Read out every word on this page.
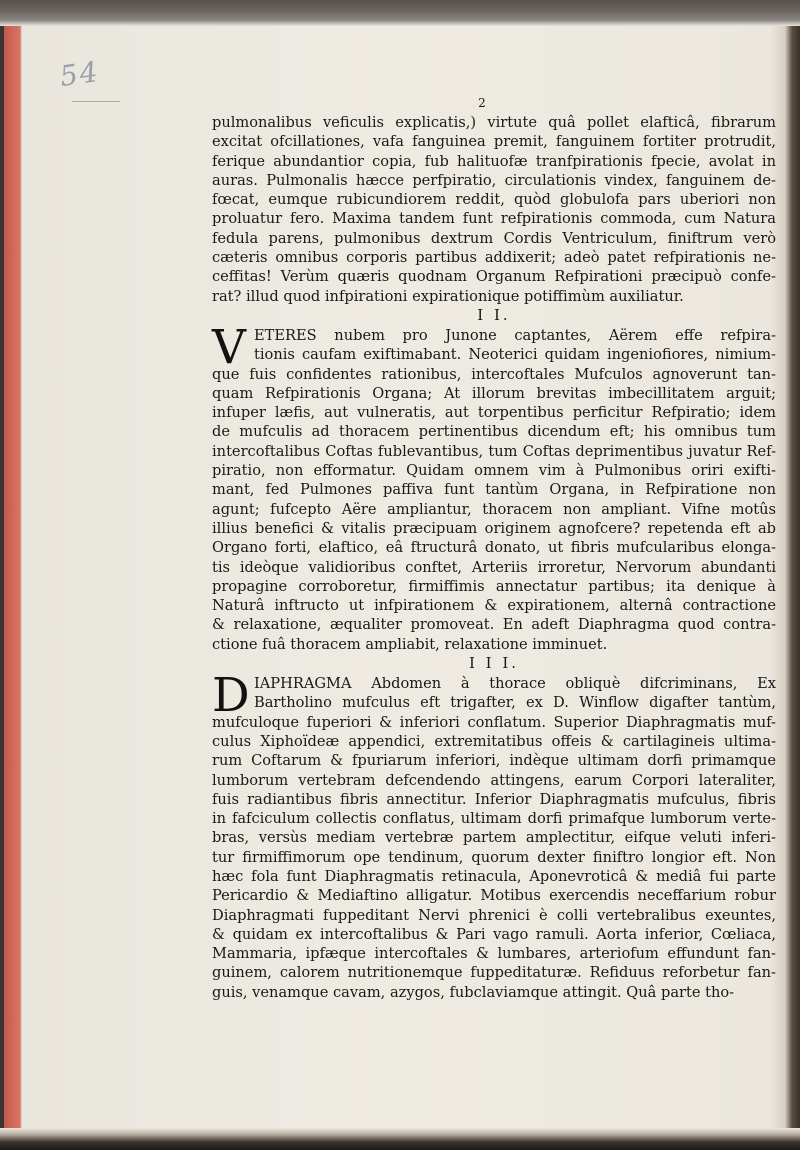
54
2
pulmonalibus veficulis explicatis,) virtute quâ pollet elafticâ, fibrarum
excitat ofcillationes, vafa fanguinea premit, fanguinem fortiter protrudit,
ferique abundantior copia, fub halituofæ tranfpirationis fpecie, avolat in
auras. Pulmonalis hæcce perfpiratio, circulationis vindex, fanguinem de-
fœcat, eumque rubicundiorem reddit, quòd globulofa pars uberiori non
proluatur fero. Maxima tandem funt refpirationis commoda, cum Natura
fedula parens, pulmonibus dextrum Cordis Ventriculum, finiftrum verò
cæteris omnibus corporis partibus addixerit; adeò patet refpirationis ne-
ceffitas! Verùm quæris quodnam Organum Refpirationi præcipuò confe-
rat? illud quod infpirationi expirationique potiffimùm auxiliatur.
I I.
V ETERES nubem pro Junone captantes, Aërem effe refpira-
tionis caufam exiftimabant. Neoterici quidam ingeniofiores, nimium-
que fuis confidentes rationibus, intercoftales Mufculos agnoverunt tan-
quam Refpirationis Organa; At illorum brevitas imbecillitatem arguit;
infuper læfis, aut vulneratis, aut torpentibus perficitur Refpiratio; idem
de mufculis ad thoracem pertinentibus dicendum eft; his omnibus tum
intercoftalibus Coftas fublevantibus, tum Coftas deprimentibus juvatur Ref-
piratio, non efformatur. Quidam omnem vim à Pulmonibus oriri exifti-
mant, fed Pulmones paffiva funt tantùm Organa, in Refpiratione non
agunt; fufcepto Aëre ampliantur, thoracem non ampliant. Vifne motûs
illius benefici & vitalis præcipuam originem agnofcere? repetenda eft ab
Organo forti, elaftico, eâ ftructurâ donato, ut fibris mufcularibus elonga-
tis ideòque validioribus conftet, Arteriis irroretur, Nervorum abundanti
propagine corroboretur, firmiffimis annectatur partibus; ita denique à
Naturâ inftructo ut infpirationem & expirationem, alternâ contractione
& relaxatione, æqualiter promoveat. En adeft Diaphragma quod contra-
ctione fuâ thoracem ampliabit, relaxatione imminuet.
I I I.
D IAPHRAGMA Abdomen à thorace obliquè difcriminans, Ex
Bartholino mufculus eft trigafter, ex D. Winflow digafter tantùm,
mufculoque fuperiori & inferiori conflatum. Superior Diaphragmatis muf-
culus Xiphoïdeæ appendici, extremitatibus offeis & cartilagineis ultima-
rum Coftarum & fpuriarum inferiori, indèque ultimam dorfi primamque
lumborum vertebram defcendendo attingens, earum Corpori lateraliter,
fuis radiantibus fibris annectitur. Inferior Diaphragmatis mufculus, fibris
in fafciculum collectis conflatus, ultimam dorfi primafque lumborum verte-
bras, versùs mediam vertebræ partem amplectitur, eifque veluti inferi-
tur firmiffimorum ope tendinum, quorum dexter finiftro longior eft. Non
hæc fola funt Diaphragmatis retinacula, Aponevroticâ & mediâ fui parte
Pericardio & Mediaftino alligatur. Motibus exercendis neceffarium robur
Diaphragmati fuppeditant Nervi phrenici è colli vertebralibus exeuntes,
& quidam ex intercoftalibus & Pari vago ramuli. Aorta inferior, Cœliaca,
Mammaria, ipfæque intercoftales & lumbares, arteriofum effundunt fan-
guinem, calorem nutritionemque fuppeditaturæ. Refiduus reforbetur fan-
guis, venamque cavam, azygos, fubclaviamque attingit. Quâ parte tho-
